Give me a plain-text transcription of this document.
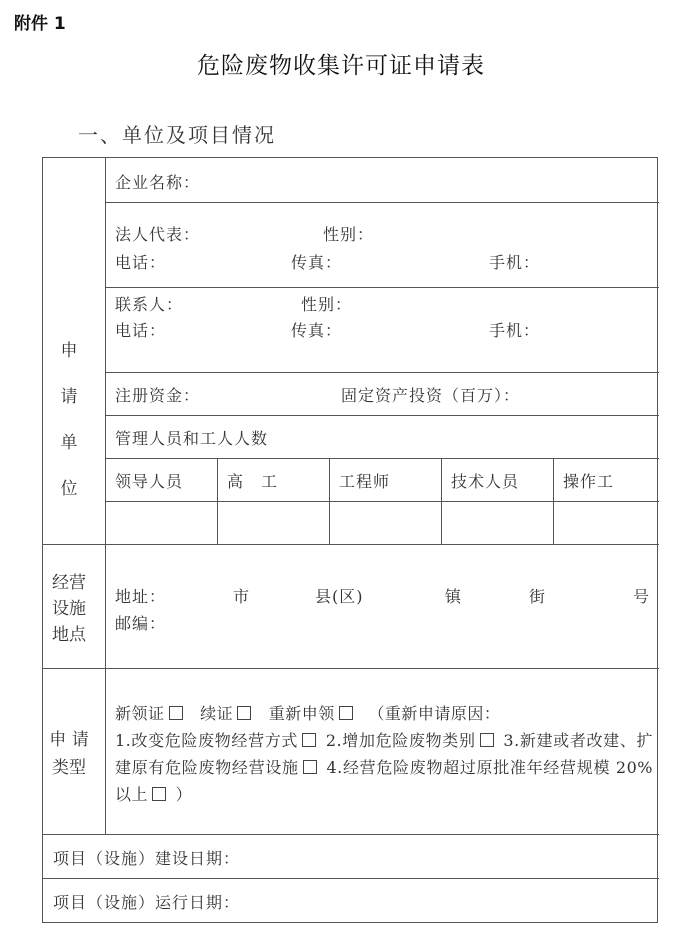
附件 1
危险废物收集许可证申请表
一、单位及项目情况
申
请
单
位
企业名称：
法人代表：	性别：
电话：	传真：	手机：
联系人：	性别：
电话：	传真：	手机：
注册资金：	固定资产投资（百万）：
管理人员和工人人数
领导人员	高　工	工程师	技术人员	操作工
经营
设施
地点
地址：	市	县(区)	镇	街	号
邮编：
申 请
类型
新领证 续证 重新申领 （重新申请原因：
1.改变危险废物经营方式 2.增加危险废物类别 3.新建或者改建、扩建原有危险废物经营设施 4.经营危险废物超过原批准年经营规模 20%以上 ）
项目（设施）建设日期：
项目（设施）运行日期：
